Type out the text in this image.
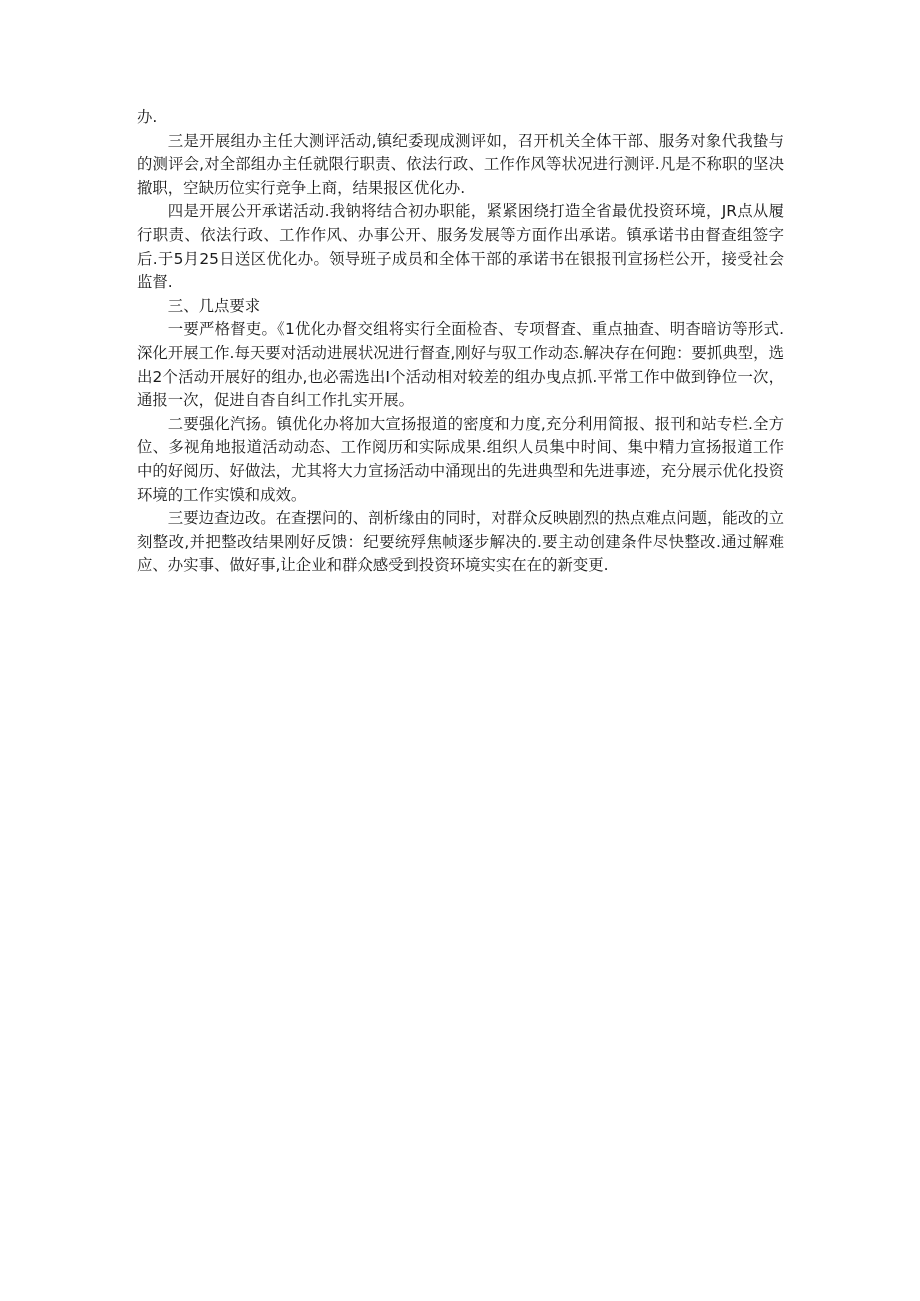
办.

三是开展组办主任大测评活动,镇纪委现成测评如，召开机关全体干部、服务对象代我蛰与的测评会,对全部组办主任就限行职责、依法行政、工作作风等状况进行测评.凡是不称职的坚决撤职，空缺历位实行竞争上商，结果报区优化办.

四是开展公开承诺活动.我钠将结合初办职能，紧紧困绕打造全省最优投资环境，JR点从履行职责、依法行政、工作作风、办事公开、服务发展等方面作出承诺。镇承诺书由督查组签字后.于5月25日送区优化办。领导班子成员和全体干部的承诺书在银报刊宣扬栏公开，接受社会监督.

三、几点要求

一要严格督吏。《1优化办督交组将实行全面检杳、专项督査、重点抽查、明杳暗访等形式.深化开展工作.每天要对活动进展状况进行督查,刚好与驭工作动态.解决存在何跑：要抓典型，选出2个活动开展好的组办,也必需选出I个活动相对较差的组办曳点抓.平常工作中做到铮位一次，通报一次，促进自杳自纠工作扎实开展。

二要强化汽扬。镇优化办将加大宣扬报道的密度和力度,充分利用简报、报刊和站专栏.全方位、多视角地报道活动动态、工作阅历和实际成果.组织人员集中时间、集中精力宣扬报道工作中的好阅历、好做法，尤其将大力宣扬活动中涌现出的先进典型和先进事迹，充分展示优化投资环境的工作实馍和成效。

三要边查边改。在查摆问的、剖析缘由的同时，对群众反映剧烈的热点难点问题，能改的立刻整改,并把整改结果刚好反馈：纪要统殍焦帧逐步解决的.要主动创建条件尽快整改.通过解难应、办实事、做好事,让企业和群众感受到投资环境实实在在的新变更.
